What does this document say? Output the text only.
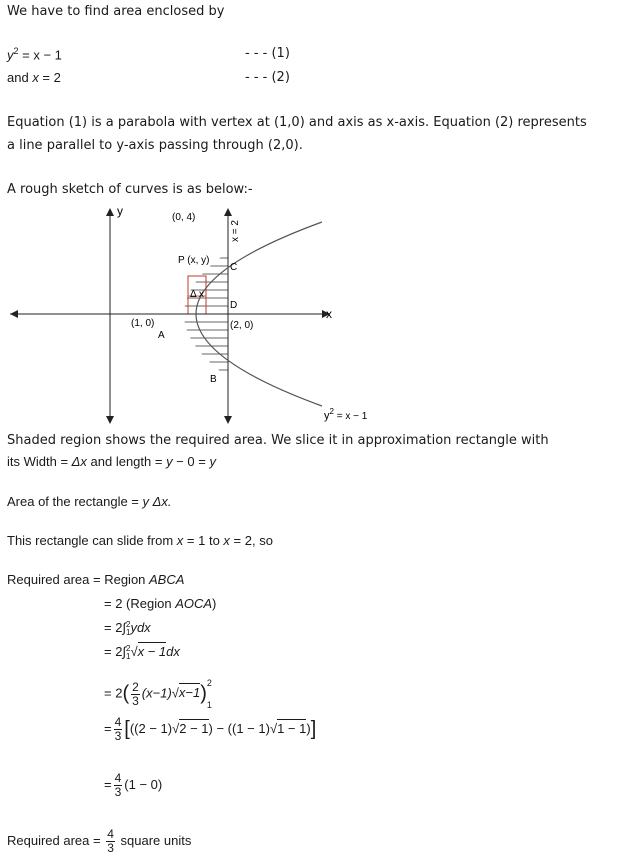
We have to find area enclosed by
$y^2 = x - 1$	- - - (1)
and x = 2	- - - (2)
Equation (1) is a parabola with vertex at (1,0) and axis as x-axis. Equation (2) represents
a line parallel to y-axis passing through (2,0).
A rough sketch of curves is as below:-
y
x
(0, 4)
x = 2
P (x, y)
C
Δ x
D
(1, 0)	(2, 0)
A
B
$y^2 = x - 1$
Shaded region shows the required area. We slice it in approximation rectangle with
its Width = Δx and length = y − 0 = y
Area of the rectangle = y Δx.
This rectangle can slide from x = 1 to x = 2, so
Required area = Region ABCA
= 2 (Region AOCA)
= 2∫ 2
1 ydx
= 2∫ 2
1 √x − 1dx
= $2( \frac{2}{3} (x-1)√x-1)$ 2
1
= $\frac{4}{3} [((2 - 1)√2 - 1) - ((1 - 1)√1 - 1)]$
= $\frac{4}{3} (1 - 0)$
Required area = $\frac{4}{3}$ square units
